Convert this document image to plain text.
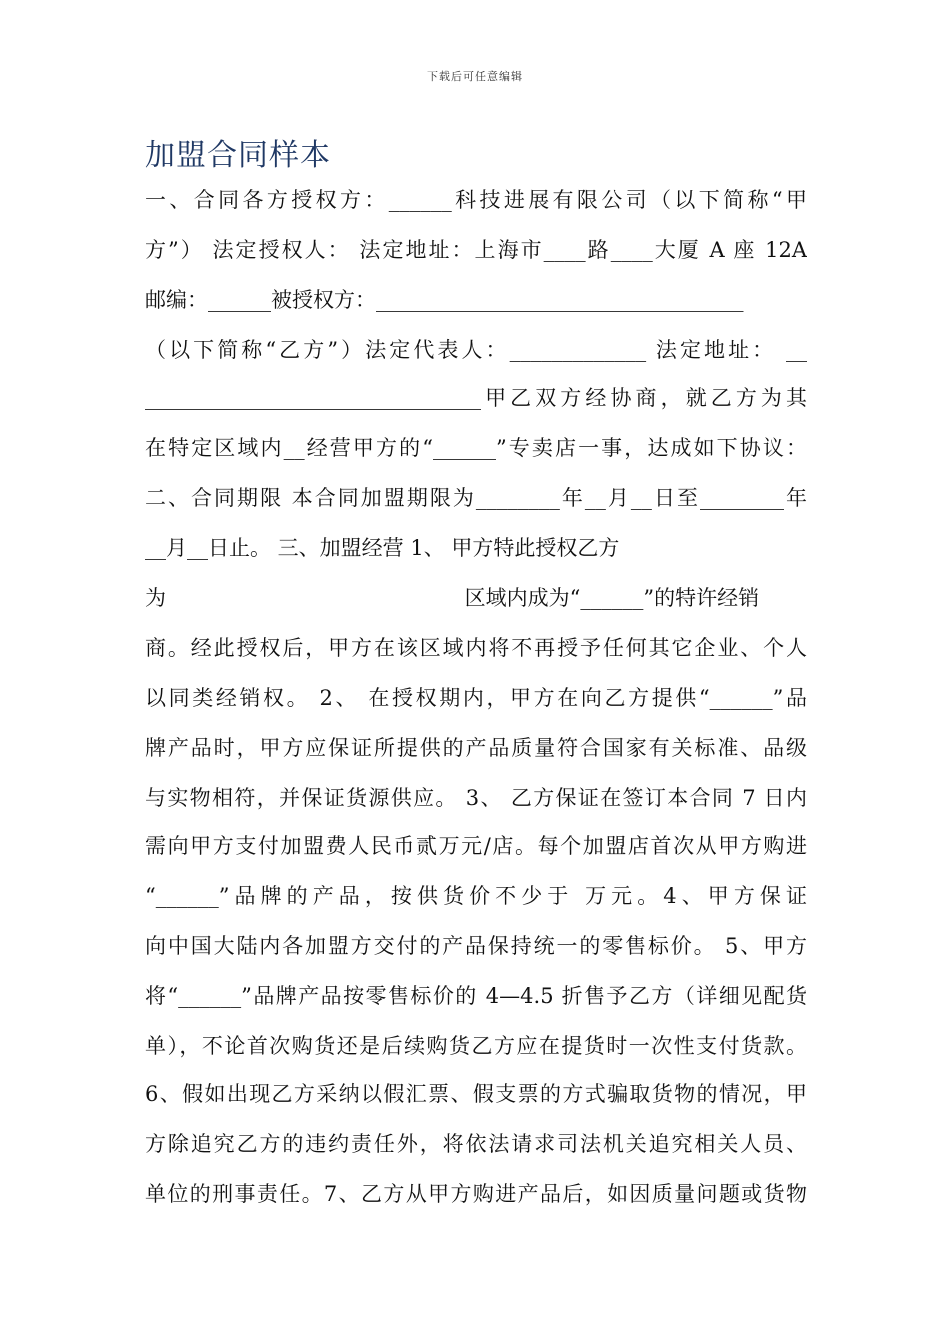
下载后可任意编辑
加盟合同样本
一、合同各方授权方：______科技进展有限公司（以下简称“甲
方”） 法定授权人： 法定地址：上海市____路____大厦 A 座 12A
邮编：______被授权方：___________________________________
（以下简称“乙方”）法定代表人：_____________ 法定地址： __
________________________________甲乙双方经协商，就乙方为其
在特定区域内__经营甲方的“______”专卖店一事，达成如下协议：
二、合同期限 本合同加盟期限为________年__月__日至________年
__月__日止。 三、加盟经营 1、 甲方特此授权乙方
为 区域内成为“______”的特许经销
商。经此授权后，甲方在该区域内将不再授予任何其它企业、个人
以同类经销权。 2、 在授权期内，甲方在向乙方提供“______”品
牌产品时，甲方应保证所提供的产品质量符合国家有关标准、品级
与实物相符，并保证货源供应。 3、 乙方保证在签订本合同 7 日内
需向甲方支付加盟费人民币贰万元/店。每个加盟店首次从甲方购进
“______”品牌的产品，按供货价不少于 万元。4、甲方保证
向中国大陆内各加盟方交付的产品保持统一的零售标价。 5、甲方
将“______”品牌产品按零售标价的 4—4.5 折售予乙方（详细见配货
单），不论首次购货还是后续购货乙方应在提货时一次性支付货款。
6、假如出现乙方采纳以假汇票、假支票的方式骗取货物的情况，甲
方除追究乙方的违约责任外，将依法请求司法机关追究相关人员、
单位的刑事责任。7、乙方从甲方购进产品后，如因质量问题或货物
